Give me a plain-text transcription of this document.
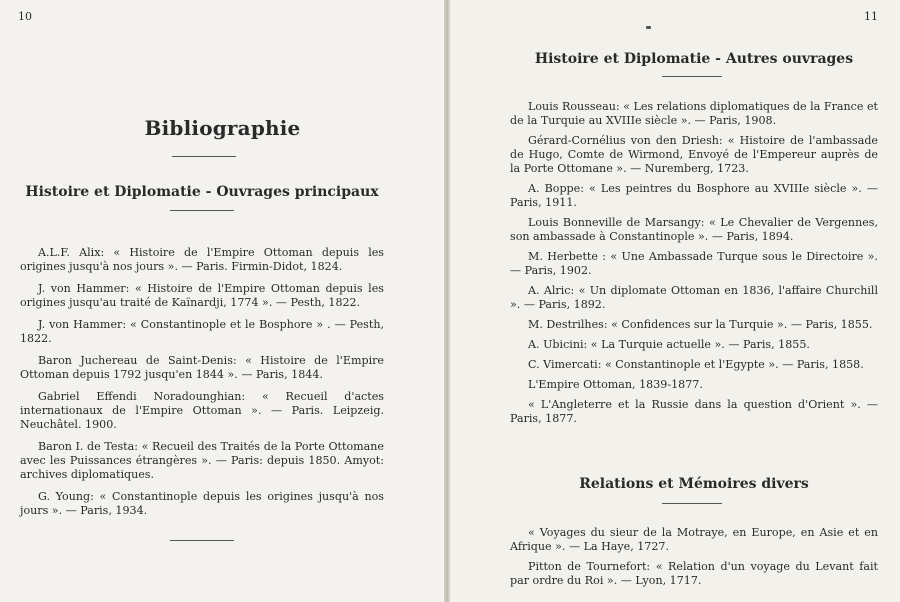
10
Bibliographie
Histoire et Diplomatie - Ouvrages principaux
A.L.F. Alix: « Histoire de l'Empire Ottoman depuis les origines jusqu'à nos jours ». — Paris. Firmin-Didot, 1824.
J. von Hammer: « Histoire de l'Empire Ottoman depuis les origines jusqu'au traité de Kaïnardji, 1774 ». — Pesth, 1822.
J. von Hammer: « Constantinople et le Bosphore » . — Pesth, 1822.
Baron Juchereau de Saint-Denis: « Histoire de l'Empire Ottoman depuis 1792 jusqu'en 1844 ». — Paris, 1844.
Gabriel Effendi Noradounghian: « Recueil d'actes internationaux de l'Empire Ottoman ». — Paris. Leipzeig. Neuchâtel. 1900.
Baron I. de Testa: « Recueil des Traités de la Porte Ottomane avec les Puissances étrangères ». — Paris: depuis 1850. Amyot: archives diplomatiques.
G. Young: « Constantinople depuis les origines jusqu'à nos jours ». — Paris, 1934.
11
Histoire et Diplomatie - Autres ouvrages
Louis Rousseau: « Les relations diplomatiques de la France et de la Turquie au XVIIIe siècle ». — Paris, 1908.
Gérard-Cornélius von den Driesh: « Histoire de l'ambassade de Hugo, Comte de Wirmond, Envoyé de l'Empereur auprès de la Porte Ottomane ». — Nuremberg, 1723.
A. Boppe: « Les peintres du Bosphore au XVIIIe siècle ». — Paris, 1911.
Louis Bonneville de Marsangy: « Le Chevalier de Vergennes, son ambassade à Constantinople ». — Paris, 1894.
M. Herbette : « Une Ambassade Turque sous le Directoire ». — Paris, 1902.
A. Alric: « Un diplomate Ottoman en 1836, l'affaire Churchill ». — Paris, 1892.
M. Destrilhes: « Confidences sur la Turquie ». — Paris, 1855.
A. Ubicini: « La Turquie actuelle ». — Paris, 1855.
C. Vimercati: « Constantinople et l'Egypte ». — Paris, 1858.
L'Empire Ottoman, 1839-1877.
« L'Angleterre et la Russie dans la question d'Orient ». — Paris, 1877.
Relations et Mémoires divers
« Voyages du sieur de la Motraye, en Europe, en Asie et en Afrique ». — La Haye, 1727.
Pitton de Tournefort: « Relation d'un voyage du Levant fait par ordre du Roi ». — Lyon, 1717.
